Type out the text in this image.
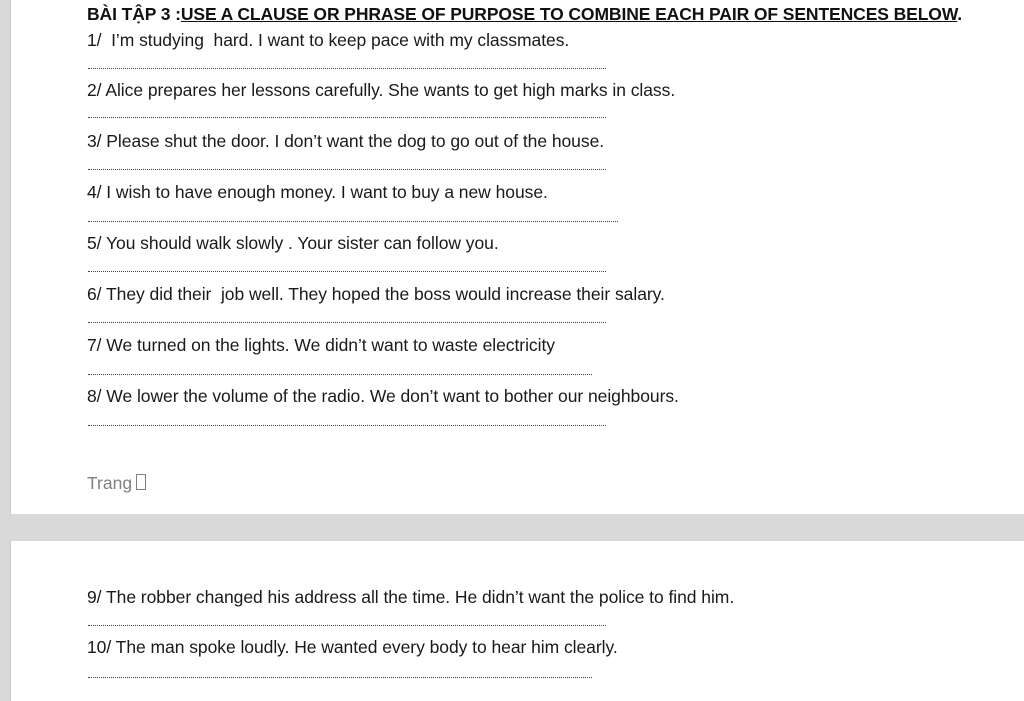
BÀI TẬP 3 :USE A CLAUSE OR PHRASE OF PURPOSE TO COMBINE EACH PAIR OF SENTENCES BELOW.
1/  I’m studying  hard. I want to keep pace with my classmates.
2/ Alice prepares her lessons carefully. She wants to get high marks in class.
3/ Please shut the door. I don’t want the dog to go out of the house.
4/ I wish to have enough money. I want to buy a new house.
5/ You should walk slowly . Your sister can follow you.
6/ They did their  job well. They hoped the boss would increase their salary.
7/ We turned on the lights. We didn’t want to waste electricity
8/ We lower the volume of the radio. We don’t want to bother our neighbours.
Trang
9/ The robber changed his address all the time. He didn’t want the police to find him.
10/ The man spoke loudly. He wanted every body to hear him clearly.
